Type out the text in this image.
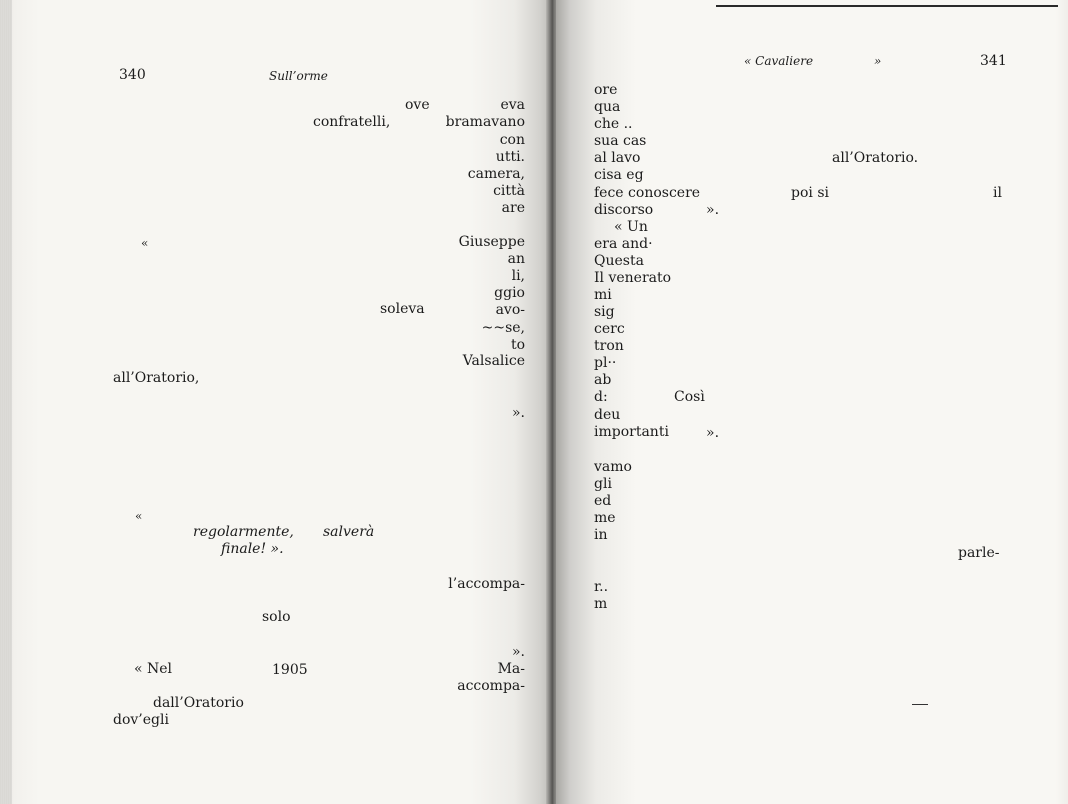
340	Sull’orme
ove	eva
confratelli,	bramavano
con
utti.
camera,
città
are
«	Giuseppe
an
li,
ggio
soleva	avo-
~~se,
to
Valsalice
all’Oratorio,
».
«
regolarmente, salverà
finale! ».
l’accompa-
solo
».
« Nel	1905	Ma-
accompa-
dall’Oratorio
dov’egli
« Cavaliere	»	341
ore
qua
che ..
sua cas
al lavo	all’Oratorio.
cisa eg
fece conoscere	poi si	il
discorso	».
« Un
era and·
Questa
Il venerato
mi
sig
cerc
tron
pl··
ab
d:	Così
deu
importanti	».
vamo
gli
ed
me
in
parle-
r..
m
